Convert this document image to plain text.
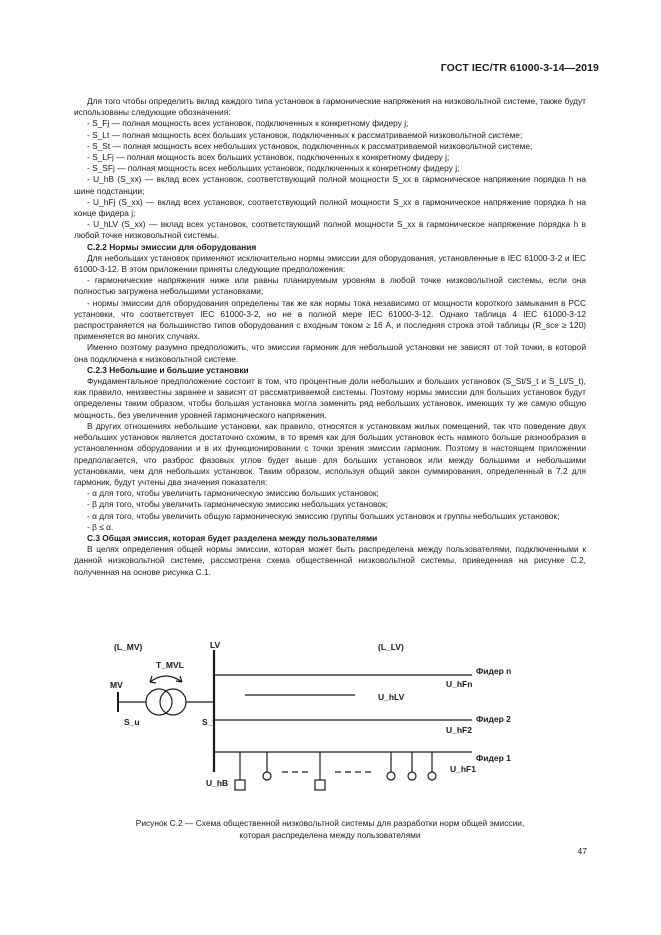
ГОСТ IEC/TR 61000-3-14—2019

Для того чтобы определить вклад каждого типа установок в гармонические напряжения на низковольтной системе, также будут использованы следующие обозначения:

- S_Fj — полная мощность всех установок, подключенных к конкретному фидеру j;

- S_Lt — полная мощность всех больших установок, подключенных к рассматриваемой низковольтной системе;

- S_St — полная мощность всех небольших установок, подключенных к рассматриваемой низковольтной системе;

- S_LFj — полная мощность всех больших установок, подключенных к конкретному фидеру j;

- S_SFj — полная мощность всех небольших установок, подключенных к конкретному фидеру j;

- U_hB (S_xx) — вклад всех установок, соответствующий полной мощности S_xx в гармоническое напряжение порядка h на шине подстанции;

- U_hFj (S_xx) — вклад всех установок, соответствующий полной мощности S_xx в гармоническое напряжение порядка h на конце фидера j;

- U_hLV (S_xx) — вклад всех установок, соответствующий полной мощности S_xx в гармоническое напряжение порядка h в любой точке низковольтной системы.

С.2.2 Нормы эмиссии для оборудования

Для небольших установок применяют исключительно нормы эмиссии для оборудования, установленные в IEC 61000-3-2 и IEC 61000-3-12. В этом приложении приняты следующие предположения:

- гармонические напряжения ниже или равны планируемым уровням в любой точке низковольтной системы, если она полностью загружена небольшими установками;

- нормы эмиссии для оборудования определены так же как нормы тока независимо от мощности короткого замыкания в PCC установки, что соответствует IEC 61000-3-2, но не в полной мере IEC 61000-3-12. Однако таблица 4 IEC 61000-3-12 распространяется на большинство типов оборудования с входным током ≥ 16 А, и последняя строка этой таблицы (R_sce ≥ 120) применяется во многих случаях.

Именно поэтому разумно предположить, что эмиссии гармоник для небольшой установки не зависят от той точки, в которой она подключена к низковольтной системе.

С.2.3 Небольшие и большие установки

Фундаментальное предположение состоит в том, что процентные доли небольших и больших установок (S_St/S_t и S_Lt/S_t), как правило, неизвестны заранее и зависят от рассматриваемой системы. Поэтому нормы эмиссии для больших установок будут определены таким образом, чтобы большая установка могла заменить ряд небольших установок, имеющих ту же самую общую мощность, без увеличения уровней гармонического напряжения.

В других отношениях небольшие установки, как правило, относятся к установкам жилых помещений, так что поведение двух небольших установок является достаточно схожим, в то время как для больших установок есть намного больше разнообразия в установленном оборудовании и в их функционировании с точки зрения эмиссии гармоник. Поэтому в настоящем приложении предполагается, что разброс фазовых углов будет выше для больших установок или между большими и небольшими установками, чем для небольших установок. Таким образом, используя общий закон суммирования, определенный в 7.2 для гармоник, будут учтены два значения показателя:

- α для того, чтобы увеличить гармоническую эмиссию больших установок;

- β для того, чтобы увеличить гармоническую эмиссию небольших установок;

- α для того, чтобы увеличить общую гармоническую эмиссию группы больших установок и группы небольших установок;

- β ≤ α.

С.3 Общая эмиссия, которая будет разделена между пользователями

В целях определения общей нормы эмиссии, которая может быть распределена между пользователями, подключенными к данной низковольтной системе, рассмотрена схема общественной низковольтной системы, приведенная на рисунке С.2, полученная на основе рисунка С.1.

(L_MV)	LV	(L_LV)
T_MVL
MV
S_u	S_t
U_hLV
U_hB
Фидер n
U_hFn
Фидер 2
U_hF2
Фидер 1
U_hF1
Рисунок С.2 — Схема общественной низковольтной системы для разработки норм общей эмиссии,
которая распределена между пользователями
47
